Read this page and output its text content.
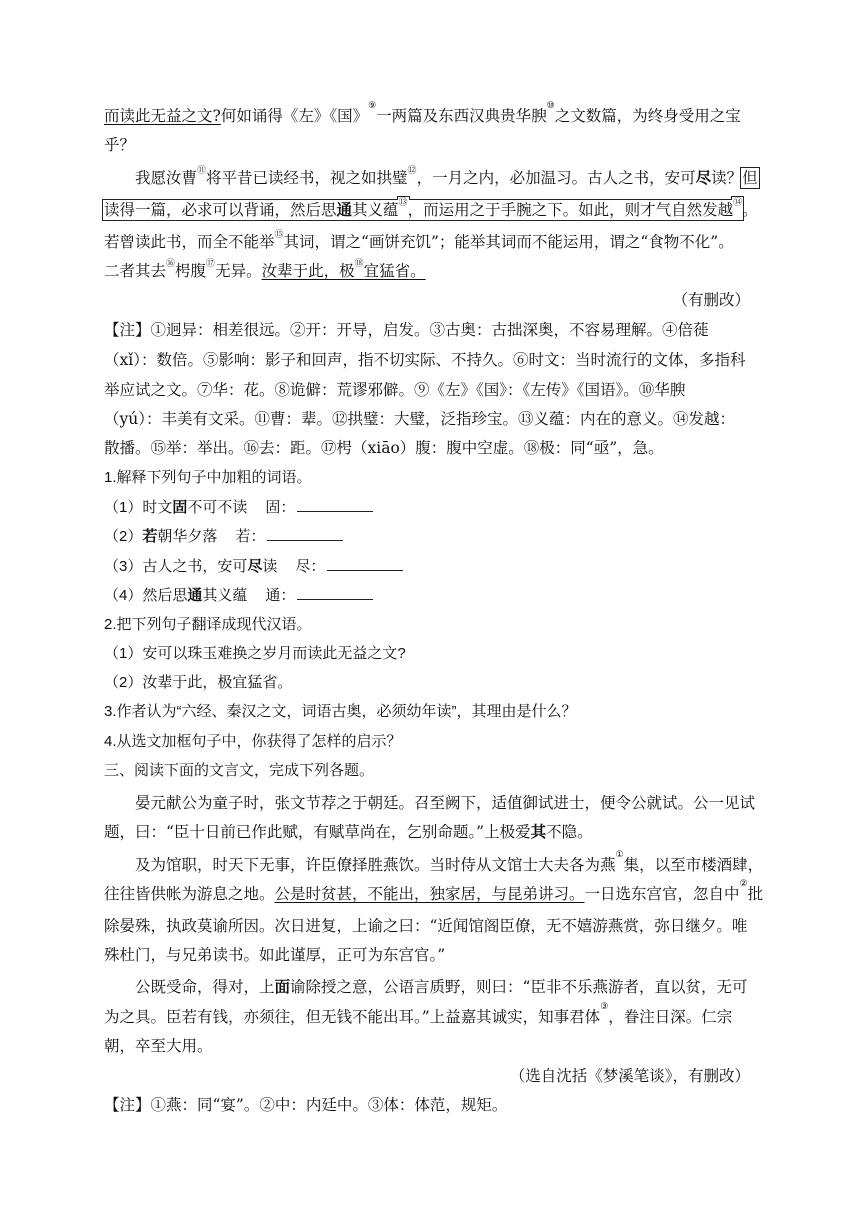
而读此无益之文?何如诵得《左》《国》⑨一两篇及东西汉典贵华腴⑩之文数篇，为终身受用之宝
乎？
我愿汝曹⑪将平昔已读经书，视之如拱璧⑫，一月之内，必加温习。古人之书，安可尽读？但
读得一篇，必求可以背诵，然后思通其义蕴⑬，而运用之于手腕之下。如此，则才气自然发越⑭。
若曾读此书，而全不能举⑮其词，谓之“画饼充饥”；能举其词而不能运用，谓之“食物不化”。
二者其去⑯枵腹⑰无异。汝辈于此，极⑱宜猛省。
（有删改）
【注】①迥异：相差很远。②开：开导，启发。③古奥：古拙深奥，不容易理解。④倍蓰
（xǐ）：数倍。⑤影响：影子和回声，指不切实际、不持久。⑥时文：当时流行的文体，多指科
举应试之文。⑦华：花。⑧诡僻：荒谬邪僻。⑨《左》《国》：《左传》《国语》。⑩华腴
（yú）：丰美有文采。⑪曹：辈。⑫拱璧：大璧，泛指珍宝。⑬义蕴：内在的意义。⑭发越：
散播。⑮举：举出。⑯去：距。⑰枵（xiāo）腹：腹中空虚。⑱极：同“亟”，急。
1.解释下列句子中加粗的词语。
（1）时文固不可不读 固：
（2）若朝华夕落 若：
（3）古人之书，安可尽读 尽：
（4）然后思通其义蕴 通：
2.把下列句子翻译成现代汉语。
（1）安可以珠玉难换之岁月而读此无益之文?
（2）汝辈于此，极宜猛省。
3.作者认为“六经、秦汉之文，词语古奥，必须幼年读”，其理由是什么？
4.从选文加框句子中，你获得了怎样的启示？
三、阅读下面的文言文，完成下列各题。
晏元献公为童子时，张文节荐之于朝廷。召至阙下，适值御试进士，便令公就试。公一见试
题，曰：“臣十日前已作此赋，有赋草尚在，乞别命题。”上极爱其不隐。
及为馆职，时天下无事，许臣僚择胜燕饮。当时侍从文馆士大夫各为燕①集，以至市楼酒肆，
往往皆供帐为游息之地。公是时贫甚，不能出，独家居，与昆弟讲习。一日选东宫官，忽自中②批
除晏殊，执政莫谕所因。次日进复，上谕之曰：“近闻馆阁臣僚，无不嬉游燕赏，弥日继夕。唯
殊杜门，与兄弟读书。如此谨厚，正可为东宫官。”
公既受命，得对，上面谕除授之意，公语言质野，则曰：“臣非不乐燕游者，直以贫，无可
为之具。臣若有钱，亦须往，但无钱不能出耳。”上益嘉其诚实，知事君体③，眷注日深。仁宗
朝，卒至大用。
（选自沈括《梦溪笔谈》，有删改）
【注】①燕：同“宴”。②中：内廷中。③体：体范，规矩。
